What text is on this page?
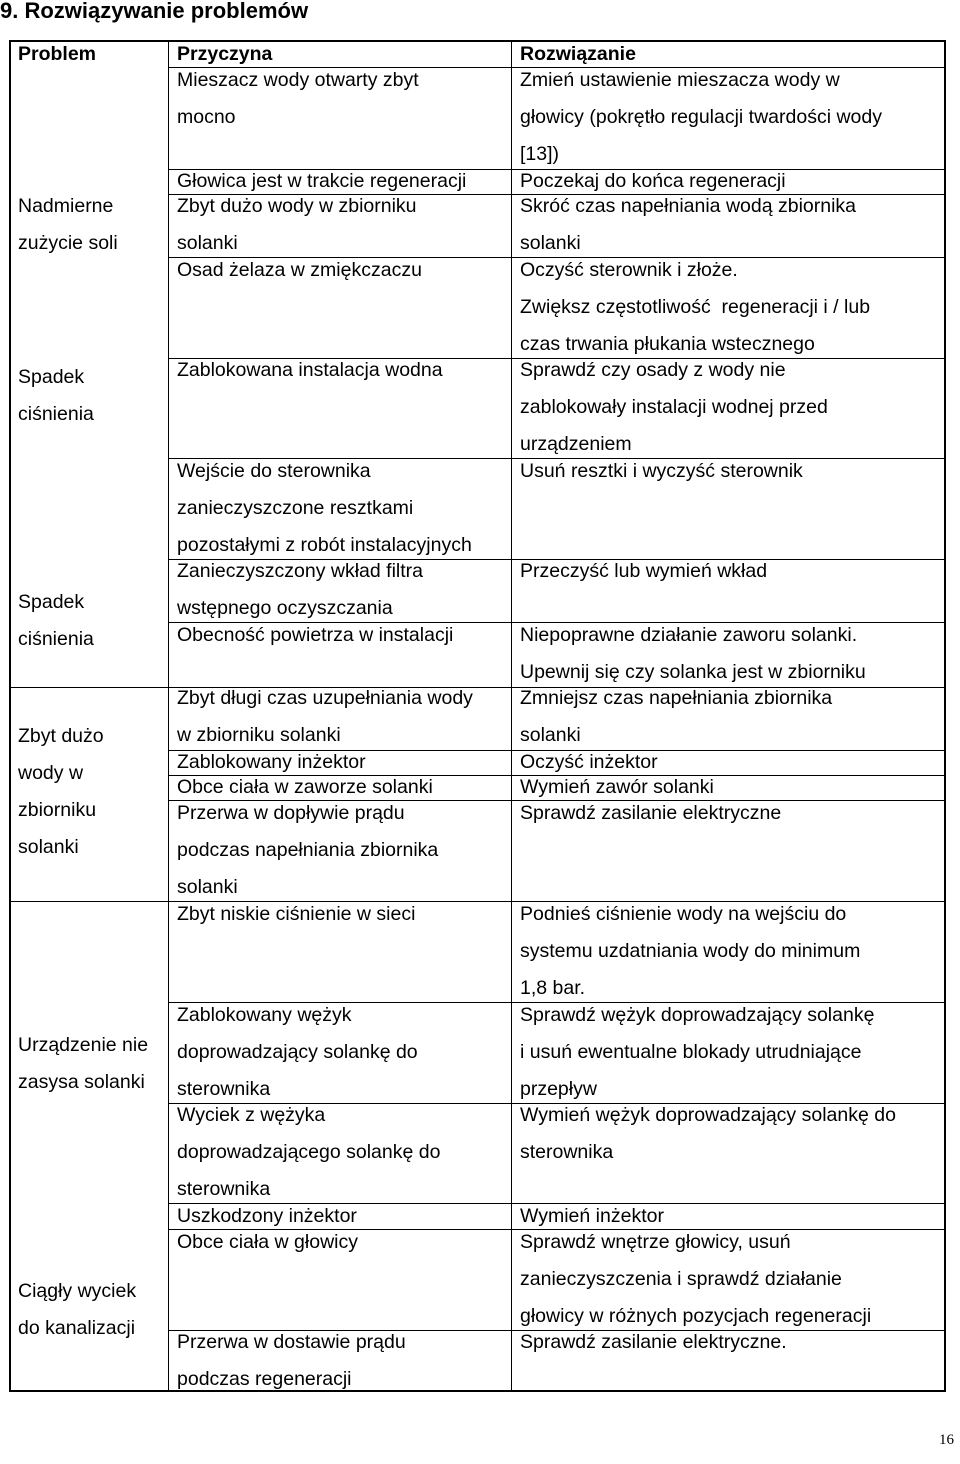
9. Rozwiązywanie problemów
Problem	Przyczyna	Rozwiązanie
Nadmierne
zużycie soli
Spadek
ciśnienia
Spadek
ciśnienia
Zbyt dużo
wody w
zbiorniku
solanki
Urządzenie nie
zasysa solanki
Ciągły wyciek
do kanalizacji
Mieszacz wody otwarty zbyt
mocno
Głowica jest w trakcie regeneracji
Zbyt dużo wody w zbiorniku
solanki
Osad żelaza w zmiękczaczu
Zablokowana instalacja wodna
Wejście do sterownika
zanieczyszczone resztkami
pozostałymi z robót instalacyjnych
Zanieczyszczony wkład filtra
wstępnego oczyszczania
Obecność powietrza w instalacji
Zbyt długi czas uzupełniania wody
w zbiorniku solanki
Zablokowany inżektor
Obce ciała w zaworze solanki
Przerwa w dopływie prądu
podczas napełniania zbiornika
solanki
Zbyt niskie ciśnienie w sieci
Zablokowany wężyk
doprowadzający solankę do
sterownika
Wyciek z wężyka
doprowadzającego solankę do
sterownika
Uszkodzony inżektor
Obce ciała w głowicy
Przerwa w dostawie prądu
podczas regeneracji
Zmień ustawienie mieszacza wody w
głowicy (pokrętło regulacji twardości wody
[13])
Poczekaj do końca regeneracji
Skróć czas napełniania wodą zbiornika
solanki
Oczyść sterownik i złoże.
Zwiększ częstotliwość  regeneracji i / lub
czas trwania płukania wstecznego
Sprawdź czy osady z wody nie
zablokowały instalacji wodnej przed
urządzeniem
Usuń resztki i wyczyść sterownik
Przeczyść lub wymień wkład
Niepoprawne działanie zaworu solanki.
Upewnij się czy solanka jest w zbiorniku
Zmniejsz czas napełniania zbiornika
solanki
Oczyść inżektor
Wymień zawór solanki
Sprawdź zasilanie elektryczne
Podnieś ciśnienie wody na wejściu do
systemu uzdatniania wody do minimum
1,8 bar.
Sprawdź wężyk doprowadzający solankę
i usuń ewentualne blokady utrudniające
przepływ
Wymień wężyk doprowadzający solankę do
sterownika
Wymień inżektor
Sprawdź wnętrze głowicy, usuń
zanieczyszczenia i sprawdź działanie
głowicy w różnych pozycjach regeneracji
Sprawdź zasilanie elektryczne.
16
